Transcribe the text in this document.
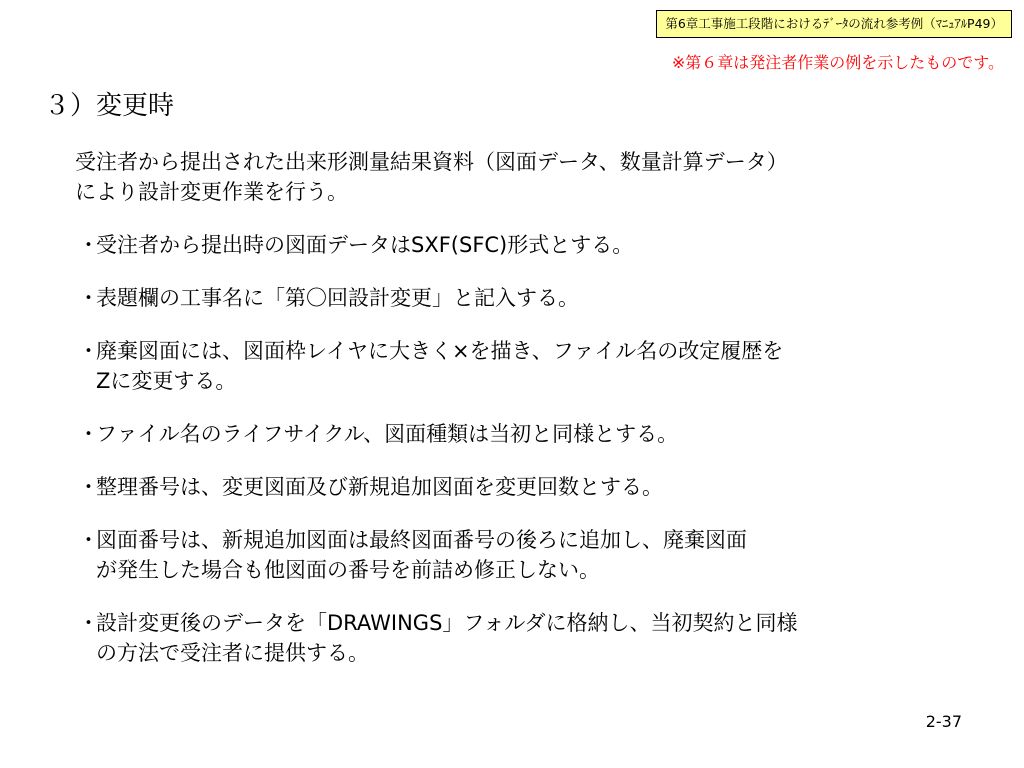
第6章工事施工段階におけるﾃﾞｰﾀの流れ参考例（ﾏﾆｭｱﾙP49）
※第６章は発注者作業の例を示したものです。
３）変更時
受注者から提出された出来形測量結果資料（図面データ、数量計算データ）
により設計変更作業を行う。
・
受注者から提出時の図面データはSXF(SFC)形式とする。
・
表題欄の工事名に「第〇回設計変更」と記入する。
・
廃棄図面には、図面枠レイヤに大きく×を描き、ファイル名の改定履歴を
Zに変更する。
・
ファイル名のライフサイクル、図面種類は当初と同様とする。
・
整理番号は、変更図面及び新規追加図面を変更回数とする。
・
図面番号は、新規追加図面は最終図面番号の後ろに追加し、廃棄図面
が発生した場合も他図面の番号を前詰め修正しない。
・
設計変更後のデータを「DRAWINGS」フォルダに格納し、当初契約と同様
の方法で受注者に提供する。
2-37
